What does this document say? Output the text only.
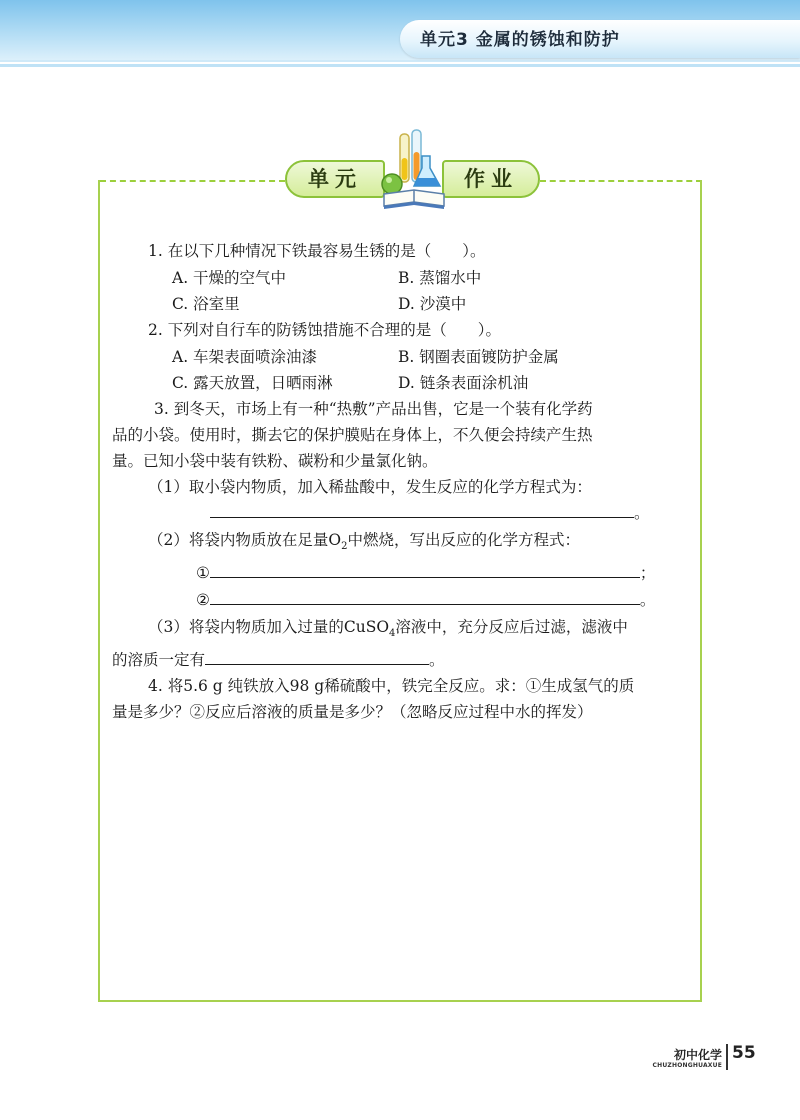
单元3 金属的锈蚀和防护
单元	作业
1. 在以下几种情况下铁最容易生锈的是（　　）。
A. 干燥的空气中	B. 蒸馏水中
C. 浴室里	D. 沙漠中
2. 下列对自行车的防锈蚀措施不合理的是（　　）。
A. 车架表面喷涂油漆	B. 钢圈表面镀防护金属
C. 露天放置，日晒雨淋	D. 链条表面涂机油
3. 到冬天，市场上有一种“热敷”产品出售，它是一个装有化学药
品的小袋。使用时，撕去它的保护膜贴在身体上，不久便会持续产生热
量。已知小袋中装有铁粉、碳粉和少量氯化钠。
（1）取小袋内物质，加入稀盐酸中，发生反应的化学方程式为：
。
（2）将袋内物质放在足量$O_2$中燃烧，写出反应的化学方程式：
①	；
②	。
（3）将袋内物质加入过量的CuSO$_4$溶液中，充分反应后过滤，滤液中
的溶质一定有	。
4. 将5.6 g 纯铁放入98 g稀硫酸中，铁完全反应。求：①生成氢气的质
量是多少？②反应后溶液的质量是多少？（忽略反应过程中水的挥发）
初中化学
CHUZHONGHUAXUE
55
